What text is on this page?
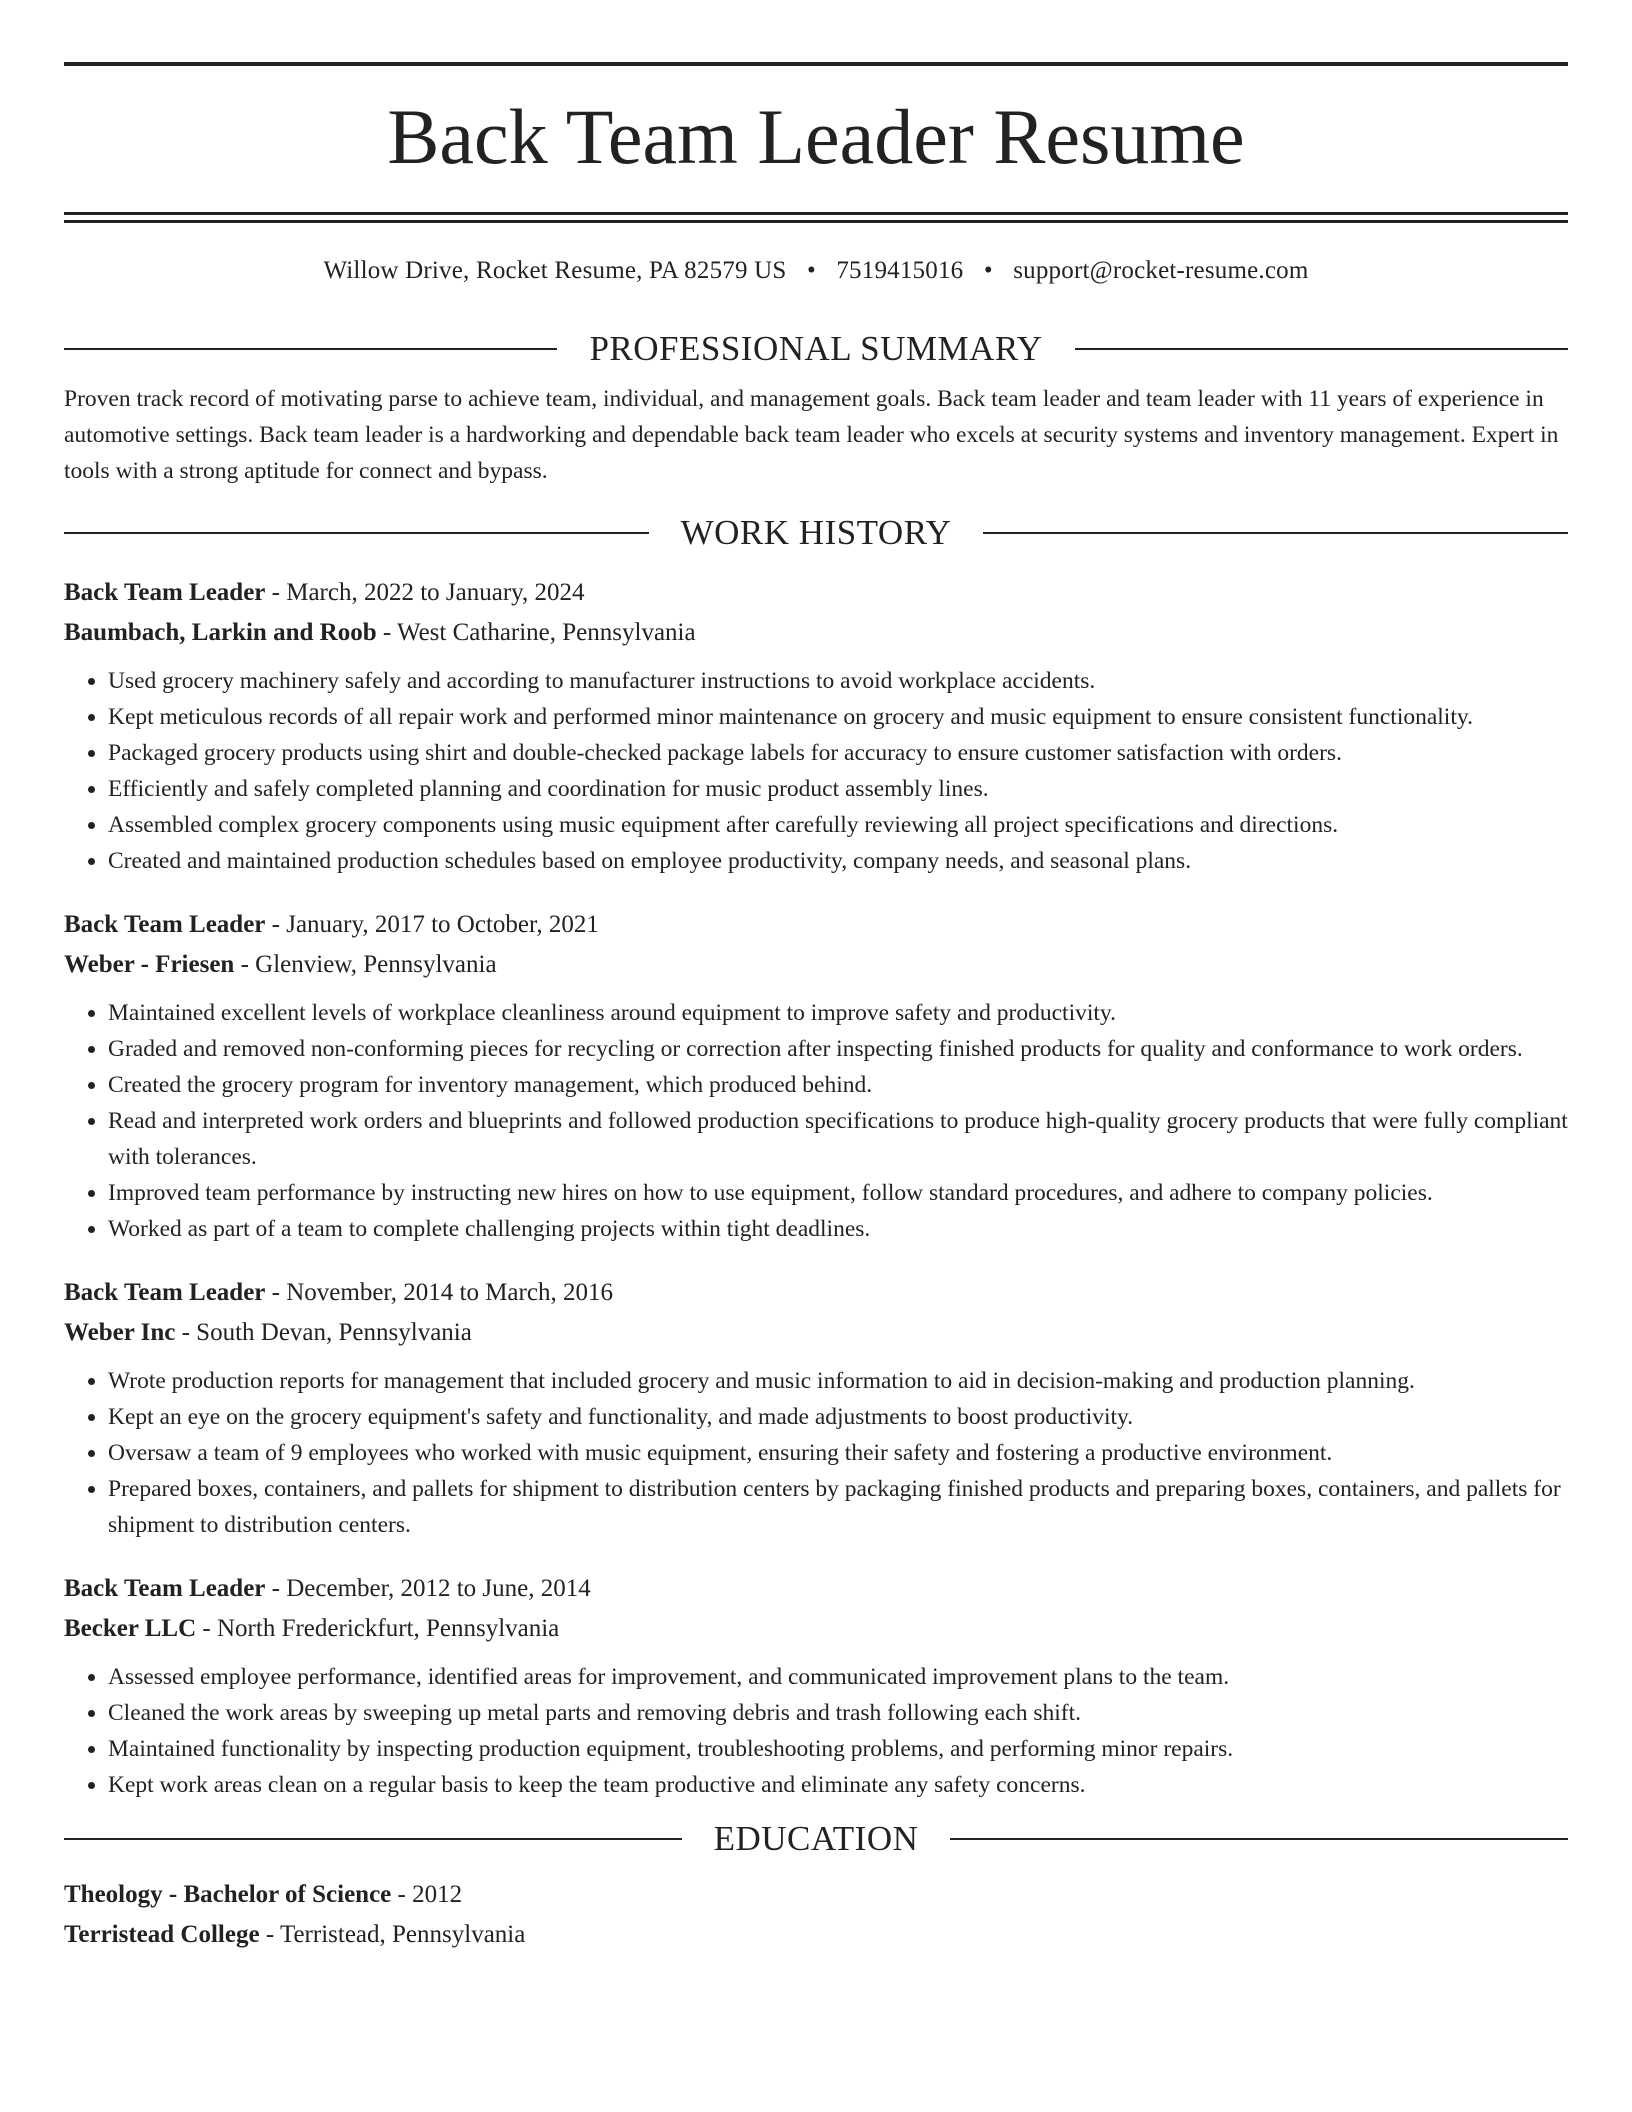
Back Team Leader Resume
Willow Drive, Rocket Resume, PA 82579 US • 7519415016 • support@rocket-resume.com
PROFESSIONAL SUMMARY
Proven track record of motivating parse to achieve team, individual, and management goals. Back team leader and team leader with 11 years of experience in automotive settings. Back team leader is a hardworking and dependable back team leader who excels at security systems and inventory management. Expert in tools with a strong aptitude for connect and bypass.
WORK HISTORY
Back Team Leader - March, 2022 to January, 2024
Baumbach, Larkin and Roob - West Catharine, Pennsylvania
• Used grocery machinery safely and according to manufacturer instructions to avoid workplace accidents.
• Kept meticulous records of all repair work and performed minor maintenance on grocery and music equipment to ensure consistent functionality.
• Packaged grocery products using shirt and double-checked package labels for accuracy to ensure customer satisfaction with orders.
• Efficiently and safely completed planning and coordination for music product assembly lines.
• Assembled complex grocery components using music equipment after carefully reviewing all project specifications and directions.
• Created and maintained production schedules based on employee productivity, company needs, and seasonal plans.
Back Team Leader - January, 2017 to October, 2021
Weber - Friesen - Glenview, Pennsylvania
• Maintained excellent levels of workplace cleanliness around equipment to improve safety and productivity.
• Graded and removed non-conforming pieces for recycling or correction after inspecting finished products for quality and conformance to work orders.
• Created the grocery program for inventory management, which produced behind.
• Read and interpreted work orders and blueprints and followed production specifications to produce high-quality grocery products that were fully compliant with tolerances.
• Improved team performance by instructing new hires on how to use equipment, follow standard procedures, and adhere to company policies.
• Worked as part of a team to complete challenging projects within tight deadlines.
Back Team Leader - November, 2014 to March, 2016
Weber Inc - South Devan, Pennsylvania
• Wrote production reports for management that included grocery and music information to aid in decision-making and production planning.
• Kept an eye on the grocery equipment's safety and functionality, and made adjustments to boost productivity.
• Oversaw a team of 9 employees who worked with music equipment, ensuring their safety and fostering a productive environment.
• Prepared boxes, containers, and pallets for shipment to distribution centers by packaging finished products and preparing boxes, containers, and pallets for shipment to distribution centers.
Back Team Leader - December, 2012 to June, 2014
Becker LLC - North Frederickfurt, Pennsylvania
• Assessed employee performance, identified areas for improvement, and communicated improvement plans to the team.
• Cleaned the work areas by sweeping up metal parts and removing debris and trash following each shift.
• Maintained functionality by inspecting production equipment, troubleshooting problems, and performing minor repairs.
• Kept work areas clean on a regular basis to keep the team productive and eliminate any safety concerns.
EDUCATION
Theology - Bachelor of Science - 2012
Terristead College - Terristead, Pennsylvania
